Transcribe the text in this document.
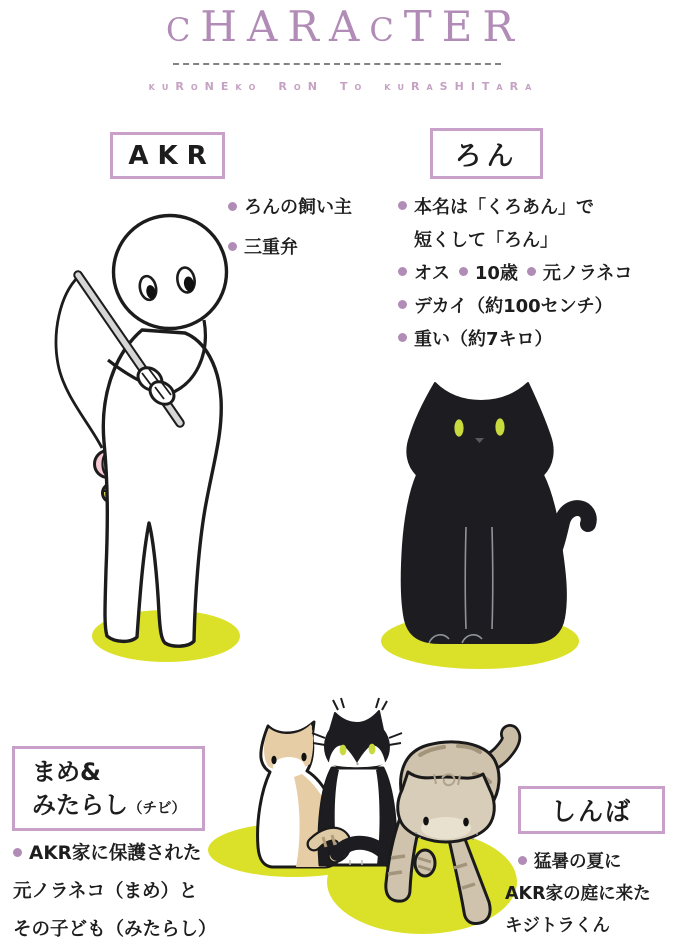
C H A R A C T E R
K U R O N E K O R O N T O	K U R A S H I T A R A
AKR
ろんの飼い主
三重弁
ろん
本名は「くろあん」で
短くして「ろん」
オス 10歳 元ノラネコ
デカイ（約100センチ）
重い（約7キロ）
まめ&
みたらし（チビ）
AKR家に保護された
元ノラネコ（まめ）と
その子ども（みたらし）
しんば
猛暑の夏に
AKR家の庭に来た
キジトラくん
